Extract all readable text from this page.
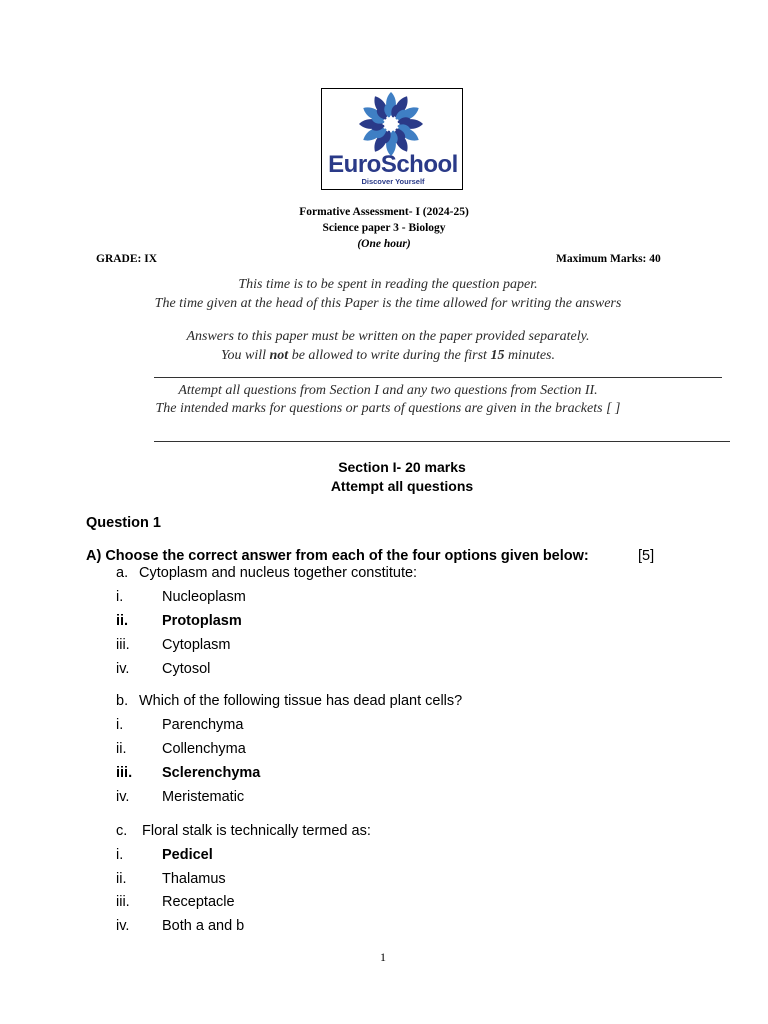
EuroSchool
Discover Yourself
Formative Assessment- I (2024-25)
Science paper 3 - Biology
(One hour)
GRADE: IX	Maximum Marks: 40
This time is to be spent in reading the question paper.
The time given at the head of this Paper is the time allowed for writing the answers
Answers to this paper must be written on the paper provided separately.
You will not be allowed to write during the first 15 minutes.
Attempt all questions from Section I and any two questions from Section II.
The intended marks for questions or parts of questions are given in the brackets [ ]
Section I- 20 marks
Attempt all questions
Question 1
A) Choose the correct answer from each of the four options given below:	[5]
a. Cytoplasm and nucleus together constitute:
i.	Nucleoplasm
ii. Protoplasm
iii. Cytoplasm
iv. Cytosol
b. Which of the following tissue has dead plant cells?
i.	Parenchyma
ii. Collenchyma
iii. Sclerenchyma
iv. Meristematic
c. Floral stalk is technically termed as:
i.	Pedicel
ii. Thalamus
iii. Receptacle
iv. Both a and b
1
